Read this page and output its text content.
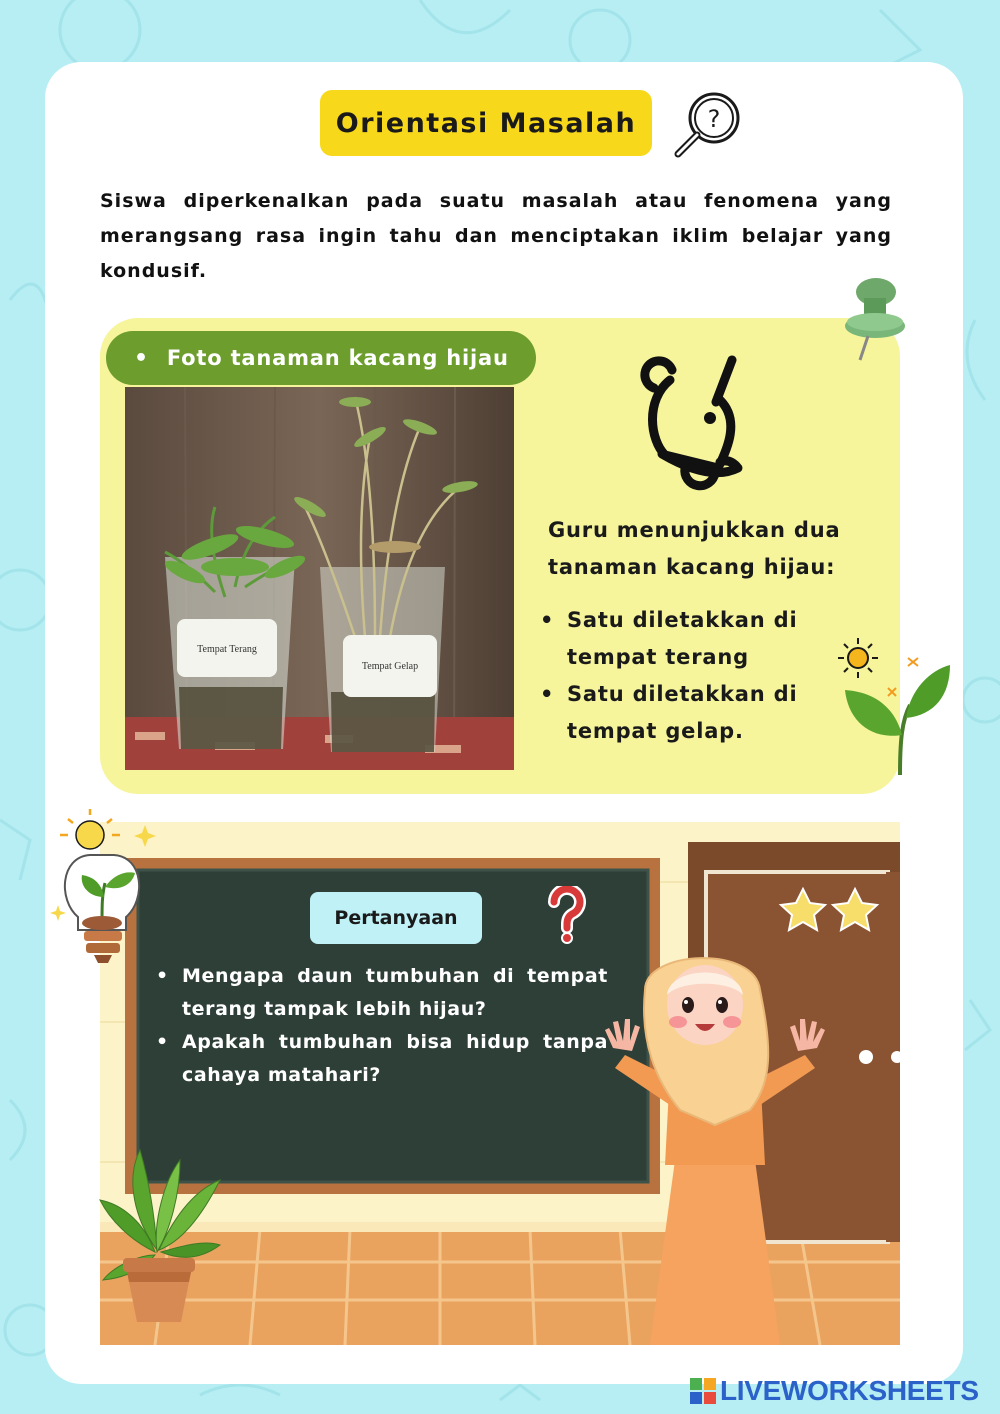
Orientasi Masalah	?
Siswa diperkenalkan pada suatu masalah atau fenomena yang merangsang rasa ingin tahu dan menciptakan iklim belajar yang kondusif.
Tempat Terang
Tempat Gelap
• Foto tanaman kacang hijau
Guru menunjukkan dua tanaman kacang hijau:
• Satu diletakkan di tempat terang
• Satu diletakkan di tempat gelap.
Pertanyaan
• Mengapa daun tumbuhan di tempat terang tampak lebih hijau?
• Apakah tumbuhan bisa hidup tanpa cahaya matahari?
LIVEWORKSHEETS
